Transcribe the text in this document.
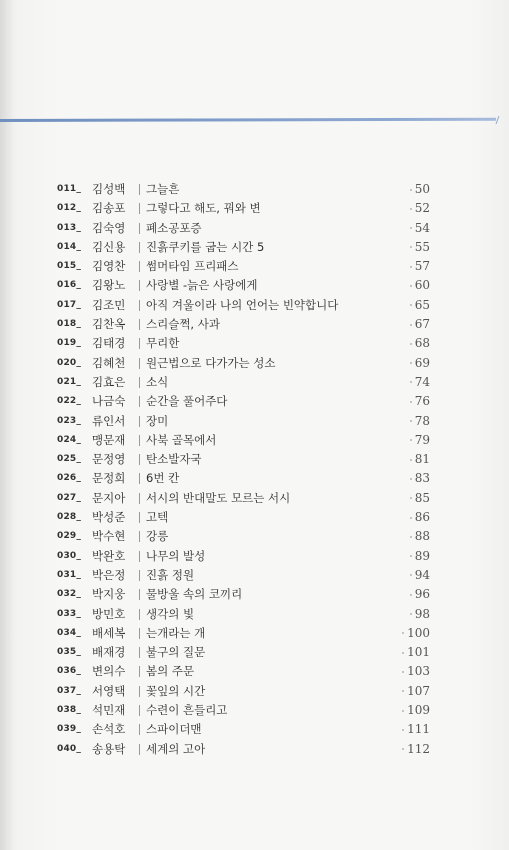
011_ 김성백 그늘흔	50
012_ 김송포 그렇다고 해도, 꿔와 변	52
013_ 김숙영 폐소공포증	54
014_ 김신용 진흙쿠키를 굽는 시간 5	55
015_ 김영찬 썸머타임 프리패스	57
016_ 김왕노 사랑별 -늙은 사랑에게	60
017_ 김조민 아직 겨울이라 나의 언어는 빈약합니다	65
018_ 김찬옥 스리슬쩍, 사과	67
019_ 김태경 무리한	68
020_ 김혜천 원근법으로 다가가는 성소	69
021_ 김효은 소식	74
022_ 나금숙 순간을 풀어주다	76
023_ 류인서 장미	78
024_ 맹문재 사북 골목에서	79
025_ 문정영 탄소발자국	81
026_ 문정희 6번 칸	83
027_ 문지아 서시의 반대말도 모르는 서시	85
028_ 박성준 고텍	86
029_ 박수현 강릉	88
030_ 박완호 나무의 발성	89
031_ 박은정 진흙 정원	94
032_ 박지웅 물방울 속의 코끼리	96
033_ 방민호 생각의 빛	98
034_ 배세복 는개라는 개	100
035_ 배재경 불구의 질문	101
036_ 변의수 봄의 주문	103
037_ 서영택 꽃잎의 시간	107
038_ 석민재 수련이 흔들리고	109
039_ 손석호 스파이더맨	111
040_ 송용탁 세계의 고아	112
